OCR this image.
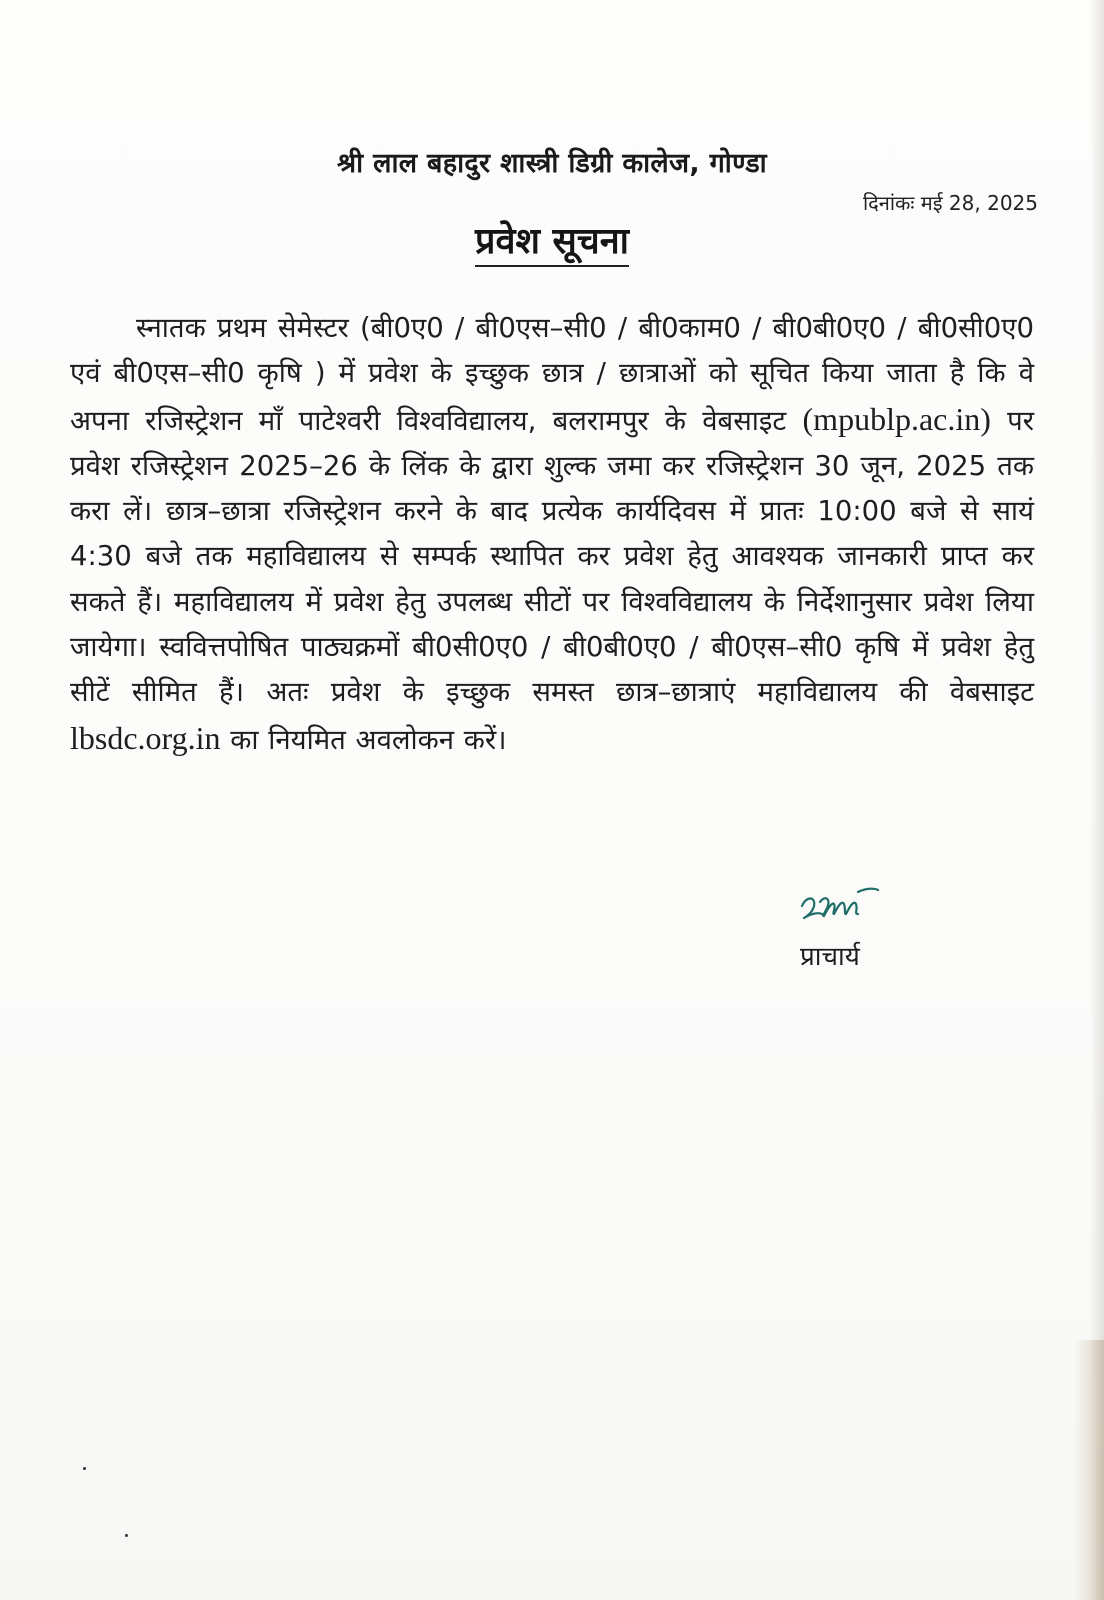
श्री लाल बहादुर शास्त्री डिग्री कालेज, गोण्डा
दिनांकः मई 28, 2025
प्रवेश सूचना
स्नातक प्रथम सेमेस्टर (बी0ए0 / बी0एस–सी0 / बी0काम0 / बी0बी0ए0 / बी0सी0ए0 एवं बी0एस–सी0 कृषि ) में प्रवेश के इच्छुक छात्र / छात्राओं को सूचित किया जाता है कि वे अपना रजिस्ट्रेशन माँ पाटेश्वरी विश्वविद्यालय, बलरामपुर के वेबसाइट (mpublp.ac.in) पर प्रवेश रजिस्ट्रेशन 2025–26 के लिंक के द्वारा शुल्क जमा कर रजिस्ट्रेशन 30 जून, 2025 तक करा लें। छात्र–छात्रा रजिस्ट्रेशन करने के बाद प्रत्येक कार्यदिवस में प्रातः 10:00 बजे से सायं 4:30 बजे तक महाविद्यालय से सम्पर्क स्थापित कर प्रवेश हेतु आवश्यक जानकारी प्राप्त कर सकते हैं। महाविद्यालय में प्रवेश हेतु उपलब्ध सीटों पर विश्वविद्यालय के निर्देशानुसार प्रवेश लिया जायेगा। स्ववित्तपोषित पाठ्यक्रमों बी0सी0ए0 / बी0बी0ए0 / बी0एस–सी0 कृषि में प्रवेश हेतु सीटें सीमित हैं। अतः प्रवेश के इच्छुक समस्त छात्र–छात्राएं महाविद्यालय की वेबसाइट lbsdc.org.in का नियमित अवलोकन करें।
प्राचार्य
